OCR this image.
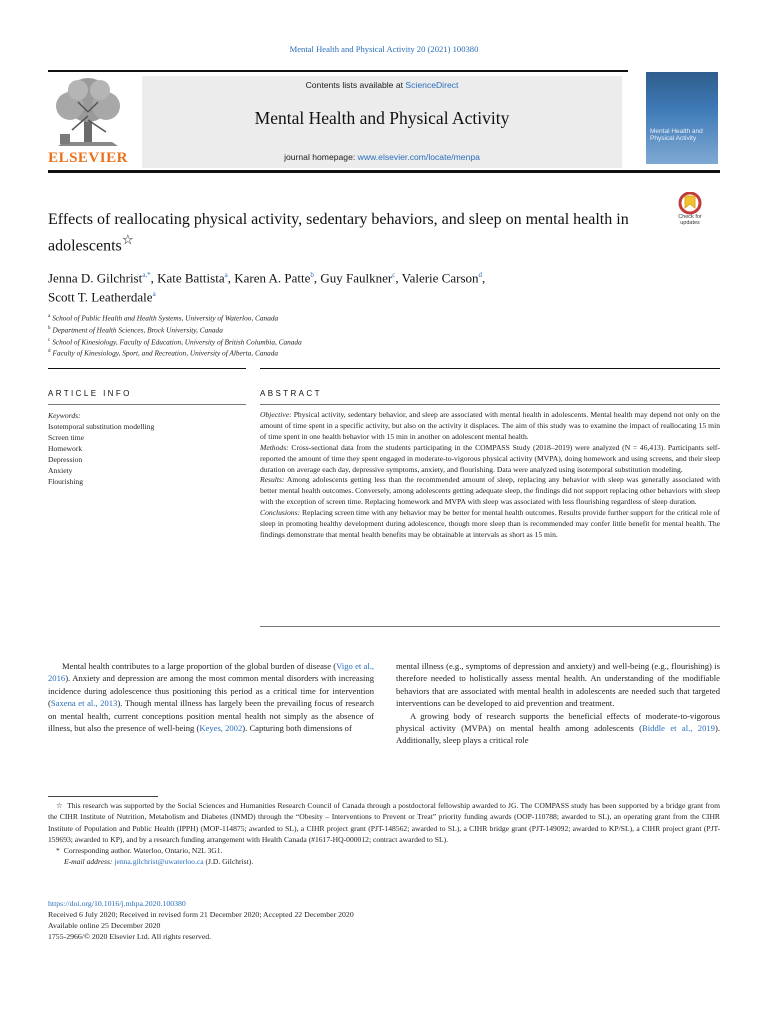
Mental Health and Physical Activity 20 (2021) 100380
ELSEVIER
Contents lists available at ScienceDirect
Mental Health and Physical Activity
journal homepage: www.elsevier.com/locate/menpa
Mental Health and Physical Activity
Check for updates
Effects of reallocating physical activity, sedentary behaviors, and sleep on mental health in adolescents☆
Jenna D. Gilchrist$^{a,*}$, Kate Battista$^a$, Karen A. Patte$^b$, Guy Faulkner$^c$, Valerie Carson$^d$,
Scott T. Leatherdale$^a$
$^a$ School of Public Health and Health Systems, University of Waterloo, Canada
$^b$ Department of Health Sciences, Brock University, Canada
$^c$ School of Kinesiology, Faculty of Education, University of British Columbia, Canada
$^d$ Faculty of Kinesiology, Sport, and Recreation, University of Alberta, Canada
ARTICLE INFO	ABSTRACT
Keywords:
Isotemporal substitution modelling
Screen time
Homework
Depression
Anxiety
Flourishing
Objective: Physical activity, sedentary behavior, and sleep are associated with mental health in adolescents. Mental health may depend not only on the amount of time spent in a specific activity, but also on the activity it displaces. The aim of this study was to examine the impact of reallocating 15 min of time spent in one health behavior with 15 min in another on adolescent mental health.
Methods: Cross-sectional data from the students participating in the COMPASS Study (2018–2019) were analyzed (N = 46,413). Participants self-reported the amount of time they spent engaged in moderate-to-vigorous physical activity (MVPA), doing homework and using screens, and their sleep duration on average each day, depressive symptoms, anxiety, and flourishing. Data were analyzed using isotemporal substitution modeling.
Results: Among adolescents getting less than the recommended amount of sleep, replacing any behavior with sleep was generally associated with better mental health outcomes. Conversely, among adolescents getting adequate sleep, the findings did not support replacing other behaviors with sleep with the exception of screen time. Replacing homework and MVPA with sleep was associated with less flourishing regardless of sleep duration.
Conclusions: Replacing screen time with any behavior may be better for mental health outcomes. Results provide further support for the critical role of sleep in promoting healthy development during adolescence, though more sleep than is recommended may confer little benefit for mental health. The findings demonstrate that mental health benefits may be obtainable at intervals as short as 15 min.

Mental health contributes to a large proportion of the global burden of disease (Vigo et al., 2016). Anxiety and depression are among the most common mental disorders with increasing incidence during adolescence thus positioning this period as a critical time for intervention (Saxena et al., 2013). Though mental illness has largely been the prevailing focus of research on mental health, current conceptions position mental health not simply as the absence of illness, but also the presence of well-being (Keyes, 2002). Capturing both dimensions of

mental illness (e.g., symptoms of depression and anxiety) and well-being (e.g., flourishing) is therefore needed to holistically assess mental health. An understanding of the modifiable behaviors that are associated with mental health in adolescents are needed such that targeted interventions can be developed to aid prevention and treatment.

A growing body of research supports the beneficial effects of moderate-to-vigorous physical activity (MVPA) on mental health among adolescents (Biddle et al., 2019). Additionally, sleep plays a critical role

☆ This research was supported by the Social Sciences and Humanities Research Council of Canada through a postdoctoral fellowship awarded to JG. The COMPASS study has been supported by a bridge grant from the CIHR Institute of Nutrition, Metabolism and Diabetes (INMD) through the “Obesity – Interventions to Prevent or Treat” priority funding awards (OOP-110788; awarded to SL), an operating grant from the CIHR Institute of Population and Public Health (IPPH) (MOP-114875; awarded to SL), a CIHR project grant (PJT-148562; awarded to SL), a CIHR bridge grant (PJT-149092; awarded to KP/SL), a CIHR project grant (PJT-159693; awarded to KP), and by a research funding arrangement with Health Canada (#1617-HQ-000012; contract awarded to SL).

* Corresponding author. Waterloo, Ontario, N2L 3G1.

E-mail address: jenna.gilchrist@uwaterloo.ca (J.D. Gilchrist).

https://doi.org/10.1016/j.mhpa.2020.100380
Received 6 July 2020; Received in revised form 21 December 2020; Accepted 22 December 2020
Available online 25 December 2020
1755-2966/© 2020 Elsevier Ltd. All rights reserved.
